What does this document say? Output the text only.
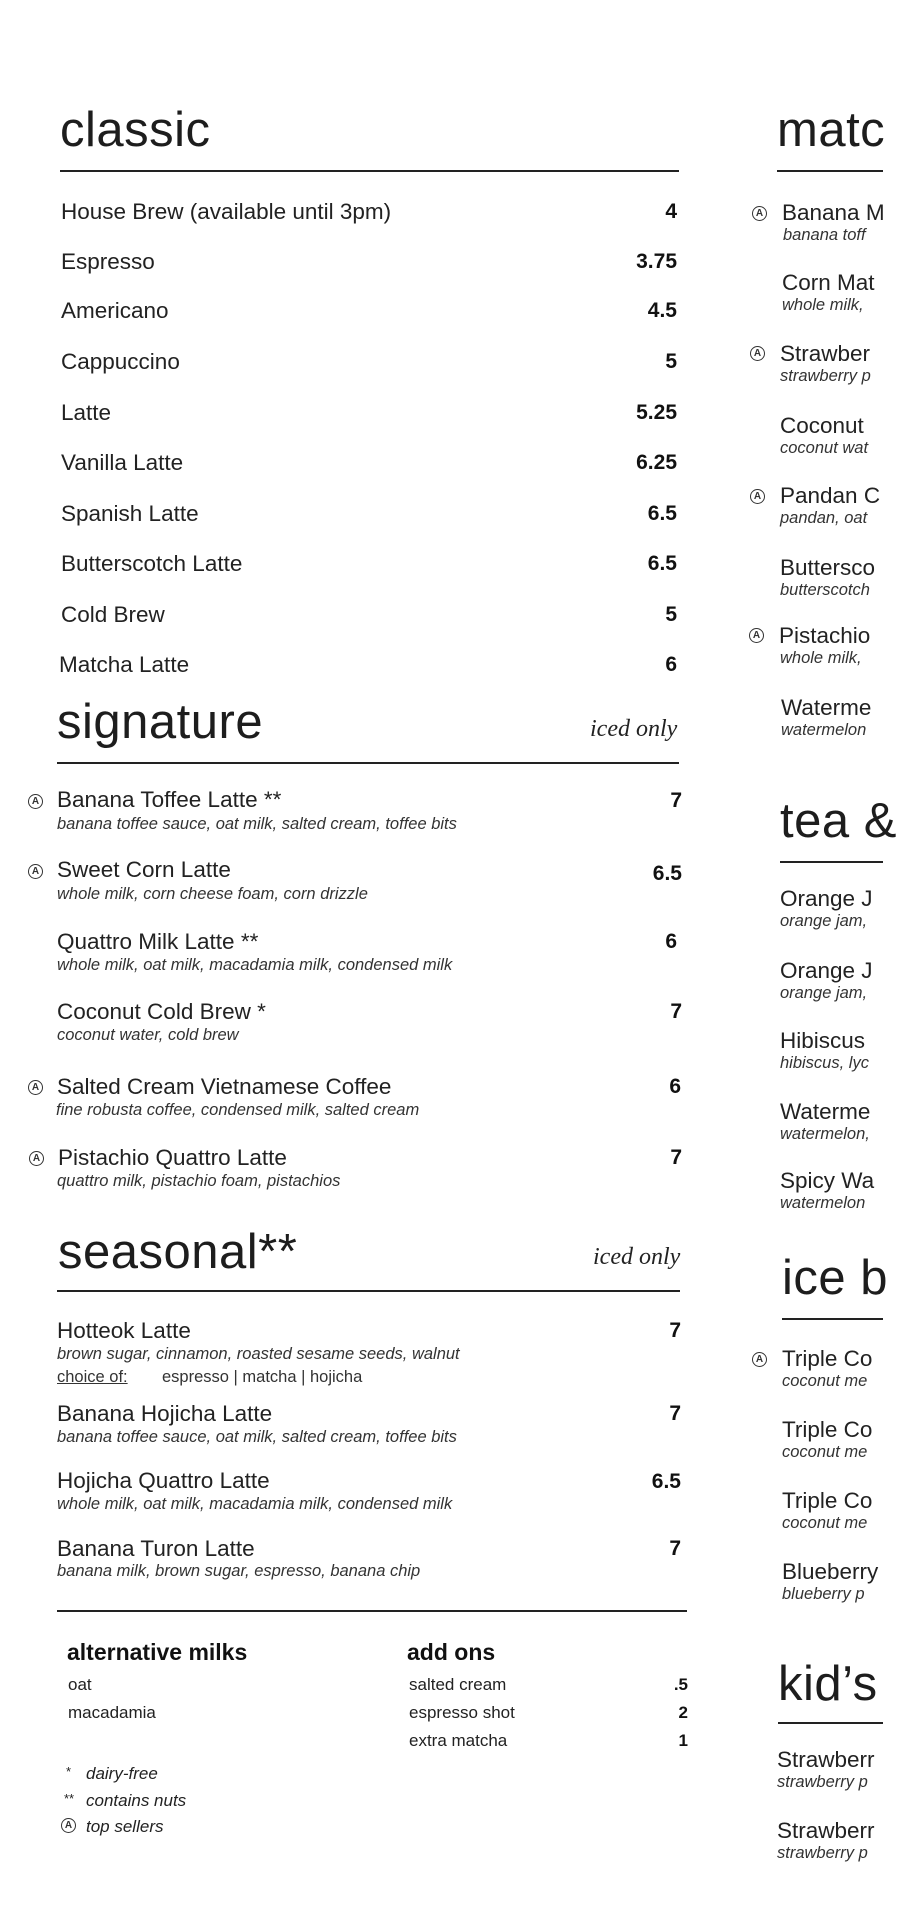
classic
House Brew (available until 3pm)	4
Espresso	3.75
Americano	4.5
Cappuccino	5
Latte	5.25
Vanilla Latte	6.25
Spanish Latte	6.5
Butterscotch Latte	6.5
Cold Brew	5
Matcha Latte	6
signature	iced only
A Banana Toffee Latte **
banana toffee sauce, oat milk, salted cream, toffee bits
7
A Sweet Corn Latte
whole milk, corn cheese foam, corn drizzle
6.5
Quattro Milk Latte **
whole milk, oat milk, macadamia milk, condensed milk
6
Coconut Cold Brew *
coconut water, cold brew
7
A Salted Cream Vietnamese Coffee
fine robusta coffee, condensed milk, salted cream
6
A Pistachio Quattro Latte
quattro milk, pistachio foam, pistachios
7
seasonal**	iced only
Hotteok Latte
brown sugar, cinnamon, roasted sesame seeds, walnut
choice of: espresso | matcha | hojicha
7
Banana Hojicha Latte
banana toffee sauce, oat milk, salted cream, toffee bits
7
Hojicha Quattro Latte
whole milk, oat milk, macadamia milk, condensed milk
6.5
Banana Turon Latte
banana milk, brown sugar, espresso, banana chip
7
alternative milks
oat
macadamia
add ons
salted cream	.5
espresso shot	2
extra matcha	1
* dairy-free
** contains nuts
A top sellers
matc
A Banana M
banana toff
Corn Mat
whole milk,
A Strawber
strawberry p
Coconut
coconut wat
A Pandan C
pandan, oat
Buttersco
butterscotch
A Pistachio
whole milk,
Waterme
watermelon
tea &
Orange J
orange jam,
Orange J
orange jam,
Hibiscus
hibiscus, lyc
Waterme
watermelon,
Spicy Wa
watermelon
ice b
A Triple Co
coconut me
Triple Co
coconut me
Triple Co
coconut me
Blueberry
blueberry p
kid’s
Strawberr
strawberry p
Strawberr
strawberry p
